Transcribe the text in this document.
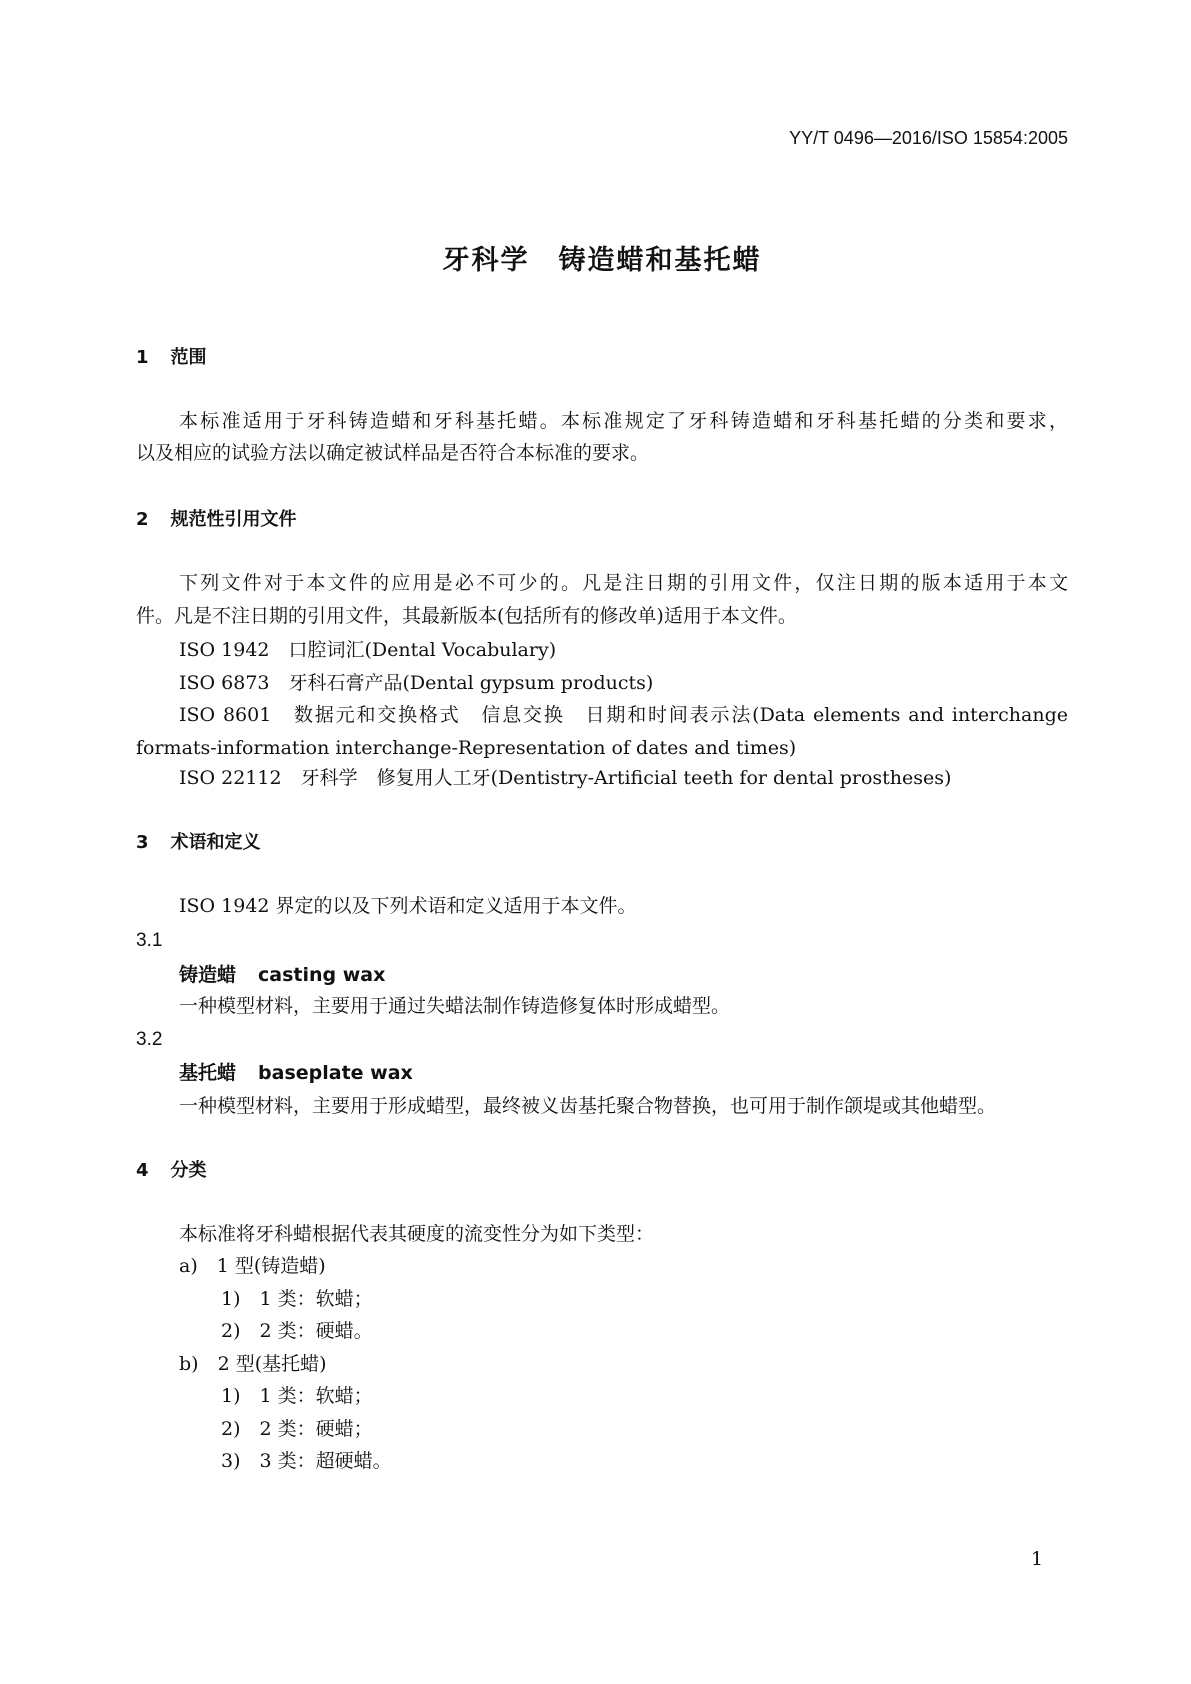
YY/T 0496—2016/ISO 15854:2005
牙科学　铸造蜡和基托蜡
1 范围
本标准适用于牙科铸造蜡和牙科基托蜡。本标准规定了牙科铸造蜡和牙科基托蜡的分类和要求，
以及相应的试验方法以确定被试样品是否符合本标准的要求。
2 规范性引用文件
下列文件对于本文件的应用是必不可少的。凡是注日期的引用文件，仅注日期的版本适用于本文
件。凡是不注日期的引用文件，其最新版本(包括所有的修改单)适用于本文件。
ISO 1942　口腔词汇(Dental Vocabulary)
ISO 6873　牙科石膏产品(Dental gypsum products)
ISO 8601　数据元和交换格式　信息交换　日期和时间表示法(Data elements and interchange
formats-information interchange-Representation of dates and times)
ISO 22112　牙科学　修复用人工牙(Dentistry-Artificial teeth for dental prostheses)
3 术语和定义
ISO 1942 界定的以及下列术语和定义适用于本文件。
3.1
铸造蜡 casting wax
一种模型材料，主要用于通过失蜡法制作铸造修复体时形成蜡型。
3.2
基托蜡 baseplate wax
一种模型材料，主要用于形成蜡型，最终被义齿基托聚合物替换，也可用于制作颌堤或其他蜡型。
4 分类
本标准将牙科蜡根据代表其硬度的流变性分为如下类型：
a)　1 型(铸造蜡)
1)　1 类：软蜡；
2)　2 类：硬蜡。
b)　2 型(基托蜡)
1)　1 类：软蜡；
2)　2 类：硬蜡；
3)　3 类：超硬蜡。
1
